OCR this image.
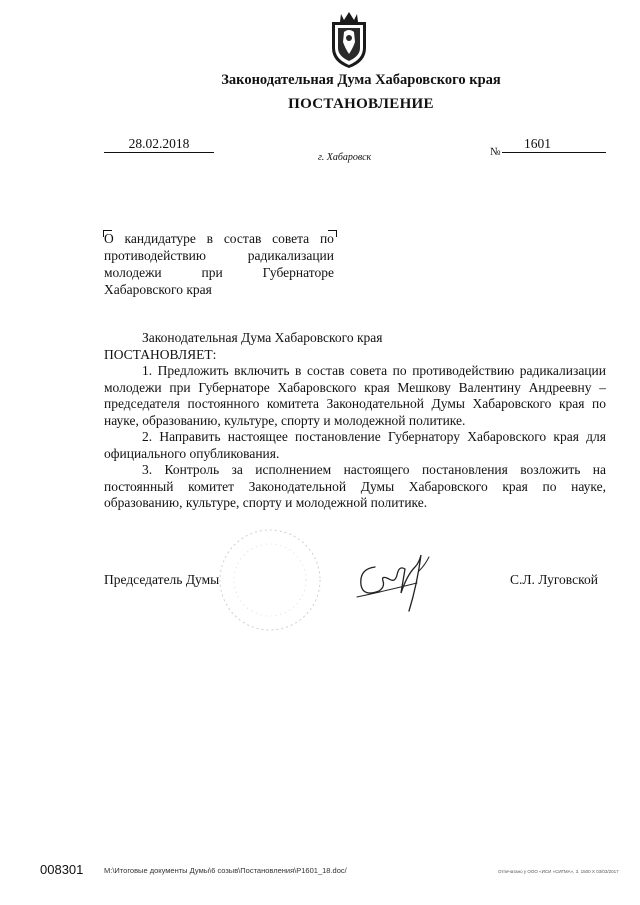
Законодательная Дума Хабаровского края
ПОСТАНОВЛЕНИЕ
28.02.2018
г. Хабаровск	№
1601
О кандидатуре в состав совета по
противодействию	радикализации
молодежи	при	Губернаторе
Хабаровского края

Законодательная Дума Хабаровского края

ПОСТАНОВЛЯЕТ:

1. Предложить включить в состав совета по противодействию радикализации молодежи при Губернаторе Хабаровского края Мешкову Валентину Андреевну – председателя постоянного комитета Законодательной Думы Хабаровского края по науке, образованию, культуре, спорту и молодежной политике.

2. Направить настоящее постановление Губернатору Хабаровского края для официального опубликования.

3. Контроль за исполнением настоящего постановления возложить на постоянный комитет Законодательной Думы Хабаровского края по науке, образованию, культуре, спорту и молодежной политике.

Председатель Думы	С.Л. Луговской
008301	M:\Итоговые документы Думы\6 созыв\Постановления\Р1601_18.doc/	Отпечатано у ООО «ИСИ «СИГМА», 3. 1500 Х 03/03/2017
